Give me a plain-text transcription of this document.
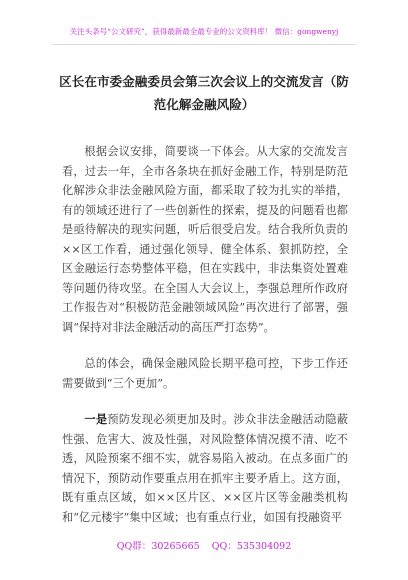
关注头条号“公文研究”，获得最新最全最专业的公文资料库！ 微信：gongwenyj
区长在市委金融委员会第三次会议上的交流发言（防范化解金融风险）

根据会议安排，简要谈一下体会。从大家的交流发言看，过去一年，全市各条块在抓好金融工作，特别是防范化解涉众非法金融风险方面，都采取了较为扎实的举措，有的领域还进行了一些创新性的探索，提及的问题看也都是亟待解决的现实问题，听后很受启发。结合我所负责的××区工作看，通过强化领导、健全体系、狠抓防控，全区金融运行态势整体平稳，但在实践中，非法集资处置难等问题仍待攻坚。在全国人大会议上，李强总理所作政府工作报告对“积极防范金融领域风险”再次进行了部署，强调“保持对非法金融活动的高压严打态势”。

总的体会，确保金融风险长期平稳可控，下步工作还需要做到“三个更加”。

一是预防发现必须更加及时。涉众非法金融活动隐蔽性强、危害大、波及性强，对风险整体情况摸不清、吃不透，风险预案不细不实，就容易陷入被动。在点多面广的情况下，预防动作要重点用在抓牢主要矛盾上。这方面，既有重点区域，如××区片区、××区片区等金融类机构和“亿元楼宇”集中区域；也有重点行业，如国有投融资平

QQ群：30265665 QQ：535304092
